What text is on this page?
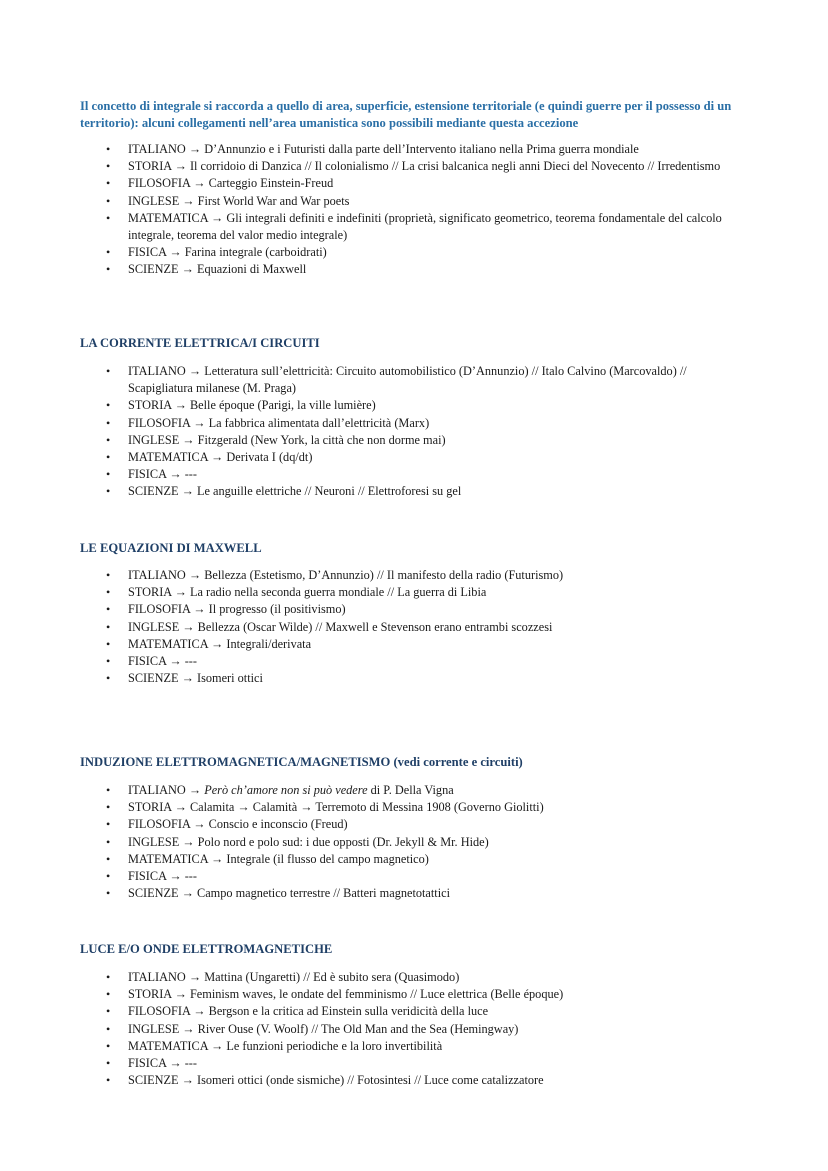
Il concetto di integrale si raccorda a quello di area, superficie, estensione territoriale (e quindi guerre per il possesso di un territorio): alcuni collegamenti nell’area umanistica sono possibili mediante questa accezione

• ITALIANO → D’Annunzio e i Futuristi dalla parte dell’Intervento italiano nella Prima guerra mondiale
• STORIA → Il corridoio di Danzica // Il colonialismo // La crisi balcanica negli anni Dieci del Novecento // Irredentismo
• FILOSOFIA → Carteggio Einstein-Freud
• INGLESE → First World War and War poets
• MATEMATICA → Gli integrali definiti e indefiniti (proprietà, significato geometrico, teorema fondamentale del calcolo integrale, teorema del valor medio integrale)
• FISICA → Farina integrale (carboidrati)
• SCIENZE → Equazioni di Maxwell

LA CORRENTE ELETTRICA/I CIRCUITI

• ITALIANO → Letteratura sull’elettricità: Circuito automobilistico (D’Annunzio) // Italo Calvino (Marcovaldo) // Scapigliatura milanese (M. Praga)
• STORIA → Belle époque (Parigi, la ville lumière)
• FILOSOFIA → La fabbrica alimentata dall’elettricità (Marx)
• INGLESE → Fitzgerald (New York, la città che non dorme mai)
• MATEMATICA → Derivata I (dq/dt)
• FISICA → ---
• SCIENZE → Le anguille elettriche // Neuroni // Elettroforesi su gel

LE EQUAZIONI DI MAXWELL

• ITALIANO → Bellezza (Estetismo, D’Annunzio) // Il manifesto della radio (Futurismo)
• STORIA → La radio nella seconda guerra mondiale // La guerra di Libia
• FILOSOFIA → Il progresso (il positivismo)
• INGLESE → Bellezza (Oscar Wilde) // Maxwell e Stevenson erano entrambi scozzesi
• MATEMATICA → Integrali/derivata
• FISICA → ---
• SCIENZE → Isomeri ottici

INDUZIONE ELETTROMAGNETICA/MAGNETISMO (vedi corrente e circuiti)

• ITALIANO → Però ch’amore non si può vedere di P. Della Vigna
• STORIA → Calamita → Calamità → Terremoto di Messina 1908 (Governo Giolitti)
• FILOSOFIA → Conscio e inconscio (Freud)
• INGLESE → Polo nord e polo sud: i due opposti (Dr. Jekyll & Mr. Hide)
• MATEMATICA → Integrale (il flusso del campo magnetico)
• FISICA → ---
• SCIENZE → Campo magnetico terrestre // Batteri magnetotattici

LUCE E/O ONDE ELETTROMAGNETICHE

• ITALIANO → Mattina (Ungaretti) // Ed è subito sera (Quasimodo)
• STORIA → Feminism waves, le ondate del femminismo // Luce elettrica (Belle époque)
• FILOSOFIA → Bergson e la critica ad Einstein sulla veridicità della luce
• INGLESE → River Ouse (V. Woolf) // The Old Man and the Sea (Hemingway)
• MATEMATICA → Le funzioni periodiche e la loro invertibilità
• FISICA → ---
• SCIENZE → Isomeri ottici (onde sismiche) // Fotosintesi // Luce come catalizzatore
